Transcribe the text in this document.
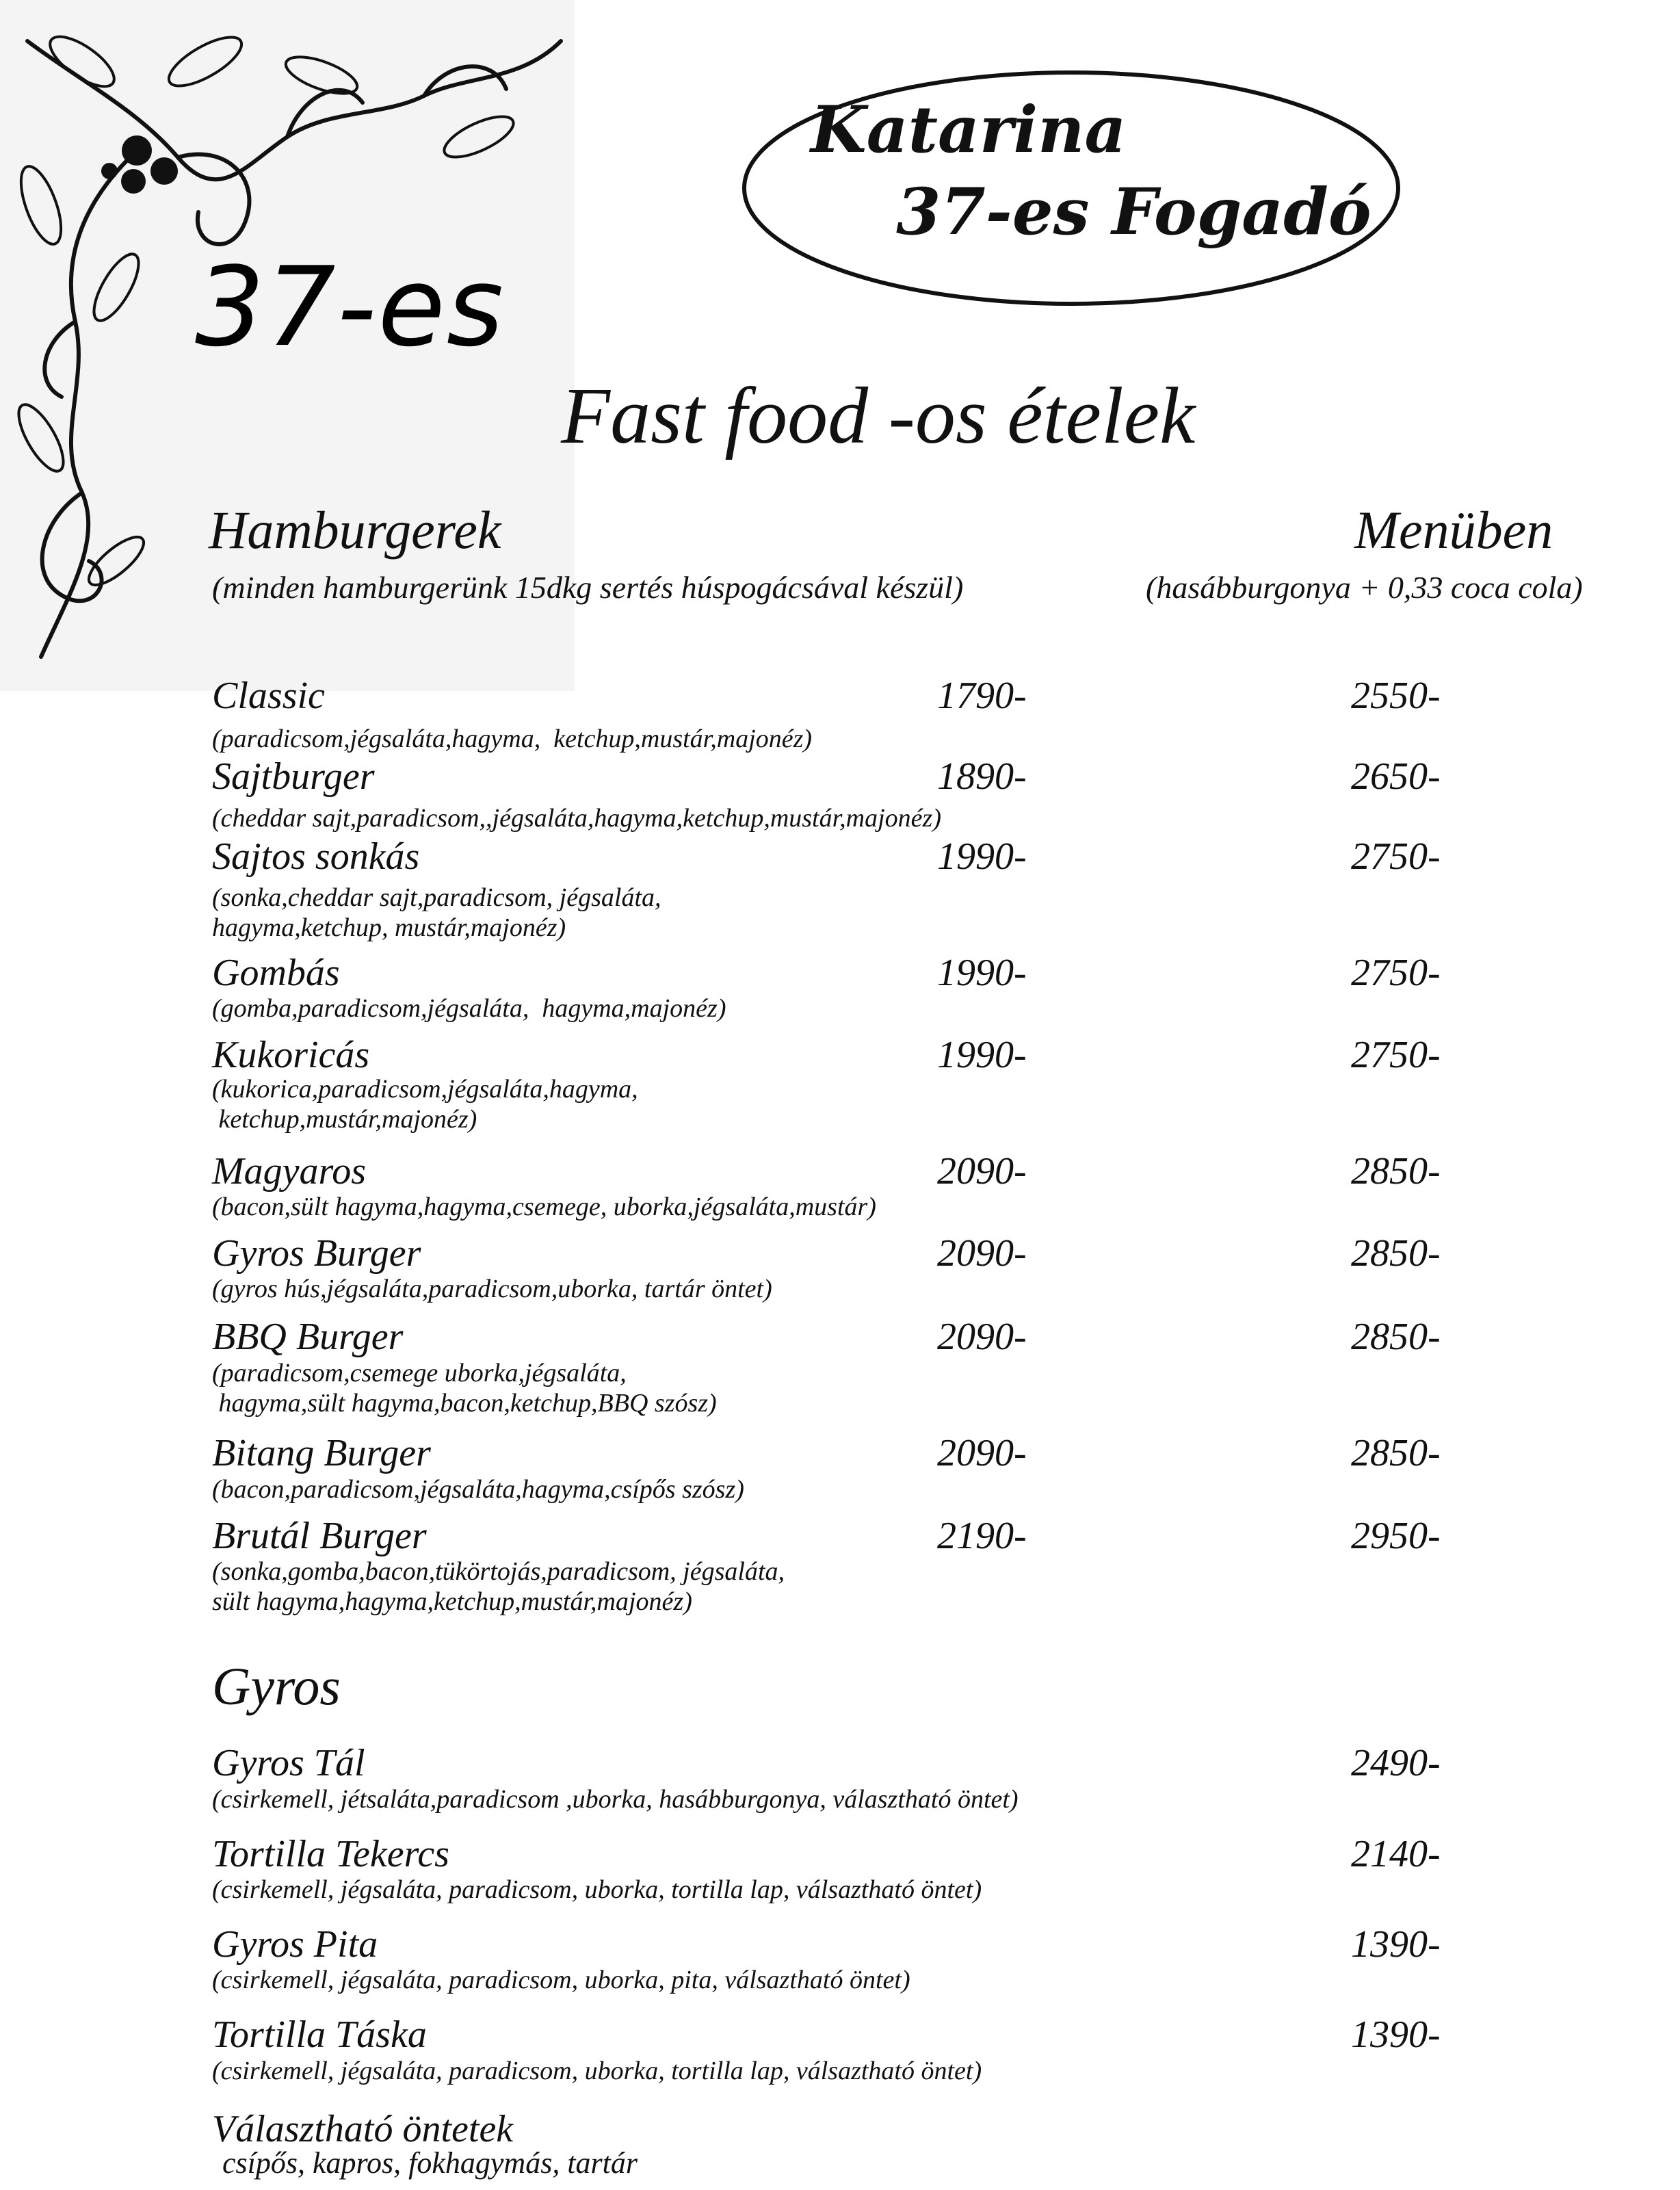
37-es
Katarina
37-es Fogadó
Fast food -os ételek
Hamburgerek	Menüben
(minden hamburgerünk 15dkg sertés húspogácsával készül)	(hasábburgonya + 0,33 coca cola)
Classic	1790-	2550-
(paradicsom,jégsaláta,hagyma,  ketchup,mustár,majonéz)
Sajtburger	1890-	2650-
(cheddar sajt,paradicsom,,jégsaláta,hagyma,ketchup,mustár,majonéz)
Sajtos sonkás	1990-	2750-
(sonka,cheddar sajt,paradicsom, jégsaláta,
hagyma,ketchup, mustár,majonéz)
Gombás	1990-	2750-
(gomba,paradicsom,jégsaláta,  hagyma,majonéz)
Kukoricás	1990-	2750-
(kukorica,paradicsom,jégsaláta,hagyma,
ketchup,mustár,majonéz)
Magyaros	2090-	2850-
(bacon,sült hagyma,hagyma,csemege, uborka,jégsaláta,mustár)
Gyros Burger	2090-	2850-
(gyros hús,jégsaláta,paradicsom,uborka, tartár öntet)
BBQ Burger	2090-	2850-
(paradicsom,csemege uborka,jégsaláta,
hagyma,sült hagyma,bacon,ketchup,BBQ szósz)
Bitang Burger	2090-	2850-
(bacon,paradicsom,jégsaláta,hagyma,csípős szósz)
Brutál Burger	2190-	2950-
(sonka,gomba,bacon,tükörtojás,paradicsom, jégsaláta,
sült hagyma,hagyma,ketchup,mustár,majonéz)
Gyros
Gyros Tál	2490-
(csirkemell, jétsaláta,paradicsom ,uborka, hasábburgonya, választható öntet)
Tortilla Tekercs	2140-
(csirkemell, jégsaláta, paradicsom, uborka, tortilla lap, válsaztható öntet)
Gyros Pita	1390-
(csirkemell, jégsaláta, paradicsom, uborka, pita, válsaztható öntet)
Tortilla Táska	1390-
(csirkemell, jégsaláta, paradicsom, uborka, tortilla lap, válsaztható öntet)
Választható öntetek
csípős, kapros, fokhagymás, tartár
